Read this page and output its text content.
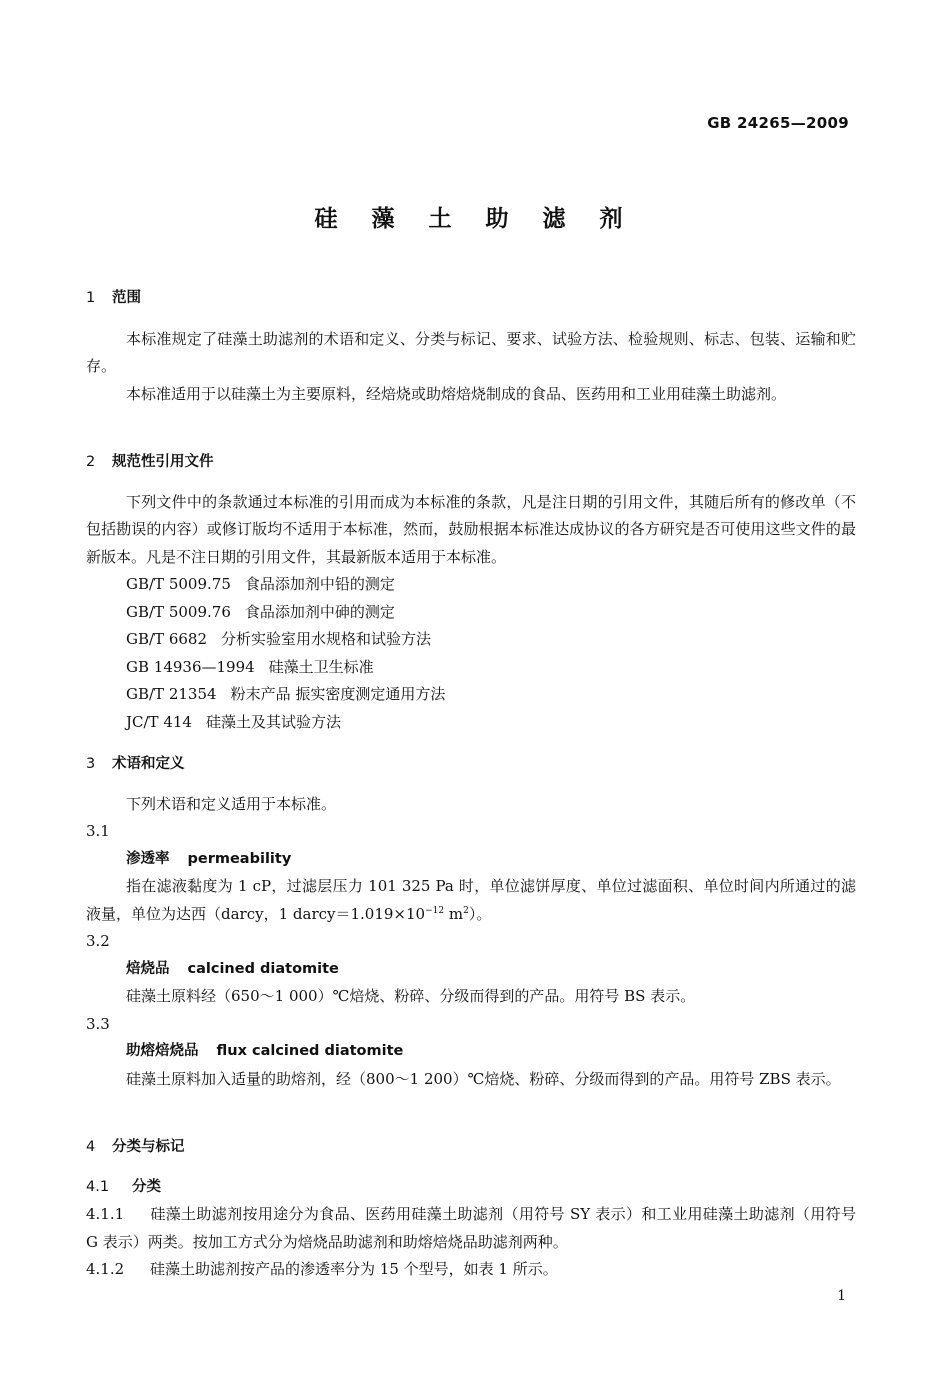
GB 24265—2009
硅 藻 土 助 滤 剂
1 范围
本标准规定了硅藻土助滤剂的术语和定义、分类与标记、要求、试验方法、检验规则、标志、包装、运输和贮存。
本标准适用于以硅藻土为主要原料，经焙烧或助熔焙烧制成的食品、医药用和工业用硅藻土助滤剂。
2 规范性引用文件
下列文件中的条款通过本标准的引用而成为本标准的条款，凡是注日期的引用文件，其随后所有的修改单（不包括勘误的内容）或修订版均不适用于本标准，然而，鼓励根据本标准达成协议的各方研究是否可使用这些文件的最新版本。凡是不注日期的引用文件，其最新版本适用于本标准。
GB/T 5009.75 食品添加剂中铅的测定
GB/T 5009.76 食品添加剂中砷的测定
GB/T 6682 分析实验室用水规格和试验方法
GB 14936—1994 硅藻土卫生标准
GB/T 21354 粉末产品 振实密度测定通用方法
JC/T 414 硅藻土及其试验方法
3 术语和定义
下列术语和定义适用于本标准。
3.1
渗透率 permeability
指在滤液黏度为 1 cP，过滤层压力 101 325 Pa 时，单位滤饼厚度、单位过滤面积、单位时间内所通过的滤液量，单位为达西（darcy，1 $darcy=1.019\times 10^{-12}$ $m^2$）。
3.2
焙烧品 calcined diatomite
硅藻土原料经（650～1 000）℃焙烧、粉碎、分级而得到的产品。用符号 BS 表示。
3.3
助熔焙烧品 flux calcined diatomite
硅藻土原料加入适量的助熔剂，经（800～1 200）℃焙烧、粉碎、分级而得到的产品。用符号 ZBS 表示。
4 分类与标记
4.1 分类
4.1.1 硅藻土助滤剂按用途分为食品、医药用硅藻土助滤剂（用符号 SY 表示）和工业用硅藻土助滤剂（用符号 G 表示）两类。按加工方式分为焙烧品助滤剂和助熔焙烧品助滤剂两种。
4.1.2 硅藻土助滤剂按产品的渗透率分为 15 个型号，如表 1 所示。
1
